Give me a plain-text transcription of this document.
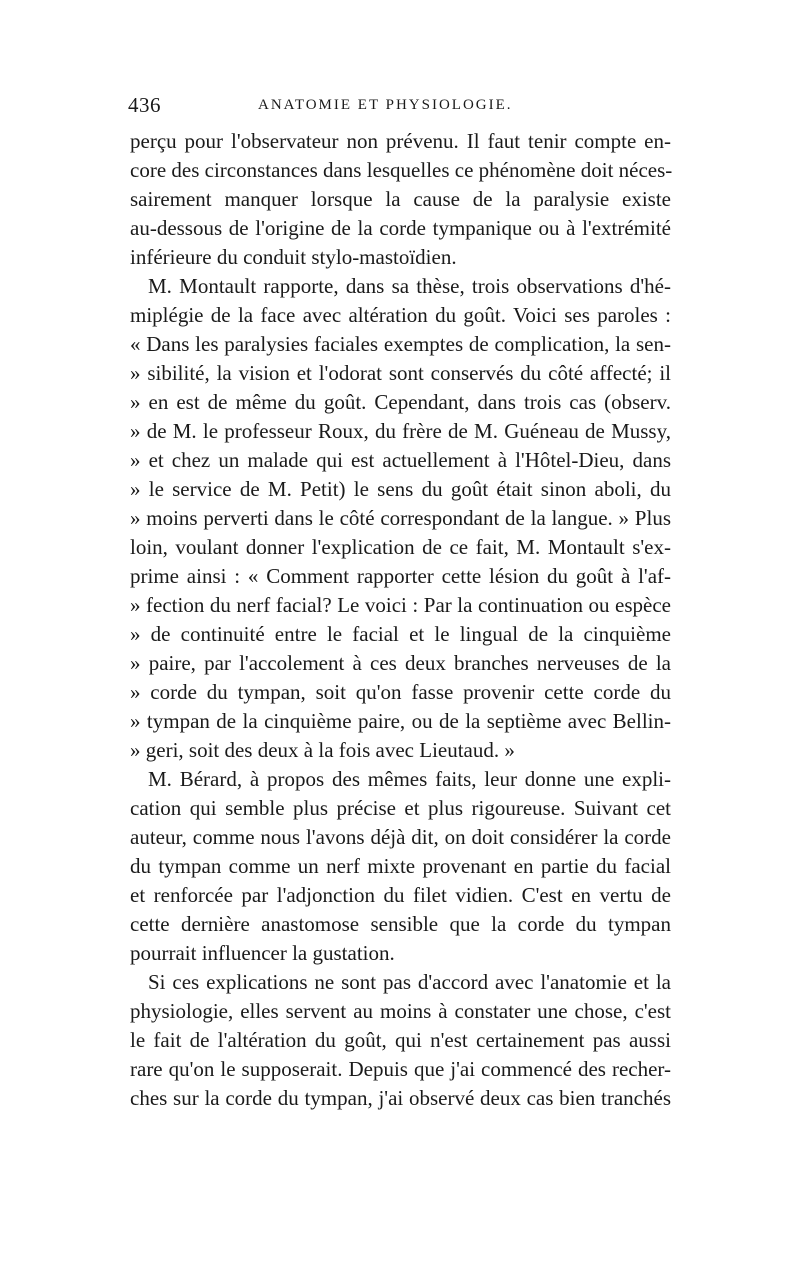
436	ANATOMIE ET PHYSIOLOGIE.
perçu pour l'observateur non prévenu. Il faut tenir compte en-
core des circonstances dans lesquelles ce phénomène doit néces-
sairement manquer lorsque la cause de la paralysie existe
au-dessous de l'origine de la corde tympanique ou à l'extrémité
inférieure du conduit stylo-mastoïdien.
M. Montault rapporte, dans sa thèse, trois observations d'hé-
miplégie de la face avec altération du goût. Voici ses paroles :
« Dans les paralysies faciales exemptes de complication, la sen-
» sibilité, la vision et l'odorat sont conservés du côté affecté; il
» en est de même du goût. Cependant, dans trois cas (observ.
» de M. le professeur Roux, du frère de M. Guéneau de Mussy,
» et chez un malade qui est actuellement à l'Hôtel-Dieu, dans
» le service de M. Petit) le sens du goût était sinon aboli, du
» moins perverti dans le côté correspondant de la langue. » Plus
loin, voulant donner l'explication de ce fait, M. Montault s'ex-
prime ainsi : « Comment rapporter cette lésion du goût à l'af-
» fection du nerf facial? Le voici : Par la continuation ou espèce
» de continuité entre le facial et le lingual de la cinquième
» paire, par l'accolement à ces deux branches nerveuses de la
» corde du tympan, soit qu'on fasse provenir cette corde du
» tympan de la cinquième paire, ou de la septième avec Bellin-
» geri, soit des deux à la fois avec Lieutaud. »
M. Bérard, à propos des mêmes faits, leur donne une expli-
cation qui semble plus précise et plus rigoureuse. Suivant cet
auteur, comme nous l'avons déjà dit, on doit considérer la corde
du tympan comme un nerf mixte provenant en partie du facial
et renforcée par l'adjonction du filet vidien. C'est en vertu de
cette dernière anastomose sensible que la corde du tympan
pourrait influencer la gustation.
Si ces explications ne sont pas d'accord avec l'anatomie et la
physiologie, elles servent au moins à constater une chose, c'est
le fait de l'altération du goût, qui n'est certainement pas aussi
rare qu'on le supposerait. Depuis que j'ai commencé des recher-
ches sur la corde du tympan, j'ai observé deux cas bien tranchés
